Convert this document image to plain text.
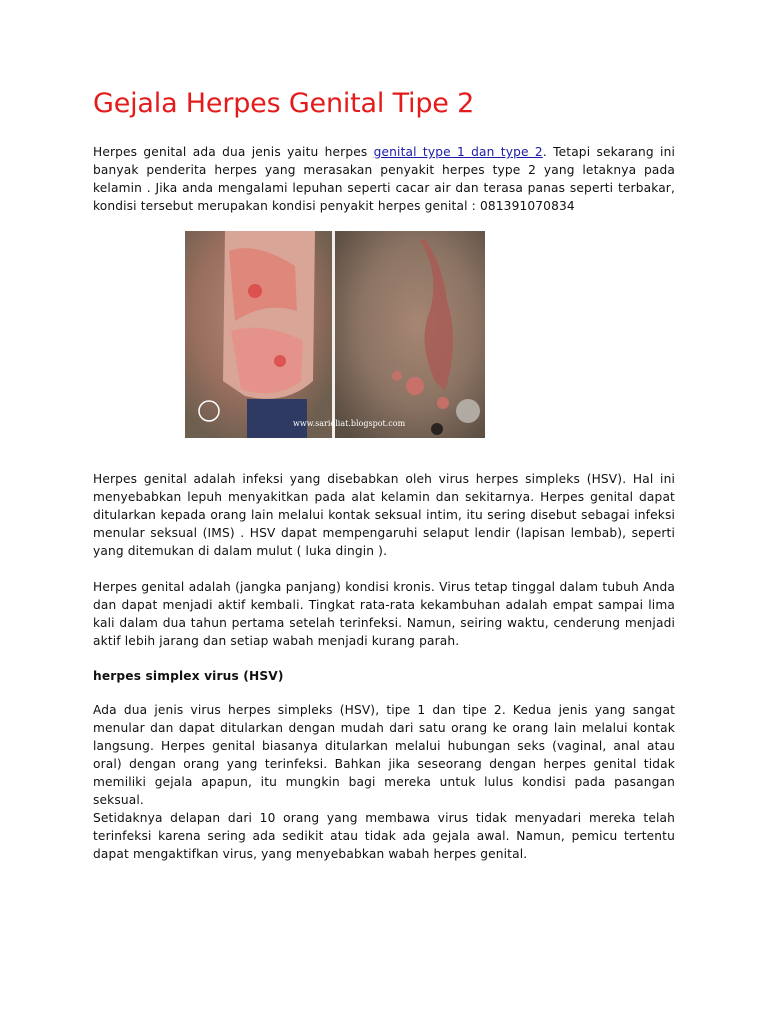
Gejala Herpes Genital Tipe 2

Herpes genital ada dua jenis yaitu herpes genital type 1 dan type 2. Tetapi sekarang ini banyak penderita herpes yang merasakan penyakit herpes type 2 yang letaknya pada kelamin . Jika anda mengalami lepuhan seperti cacar air dan terasa panas seperti terbakar, kondisi tersebut merupakan kondisi penyakit herpes genital : 081391070834

www.sarioliat.blogspot.com

Herpes genital adalah infeksi yang disebabkan oleh virus herpes simpleks (HSV). Hal ini menyebabkan lepuh menyakitkan pada alat kelamin dan sekitarnya. Herpes genital dapat ditularkan kepada orang lain melalui kontak seksual intim, itu sering disebut sebagai infeksi menular seksual (IMS) . HSV dapat mempengaruhi selaput lendir (lapisan lembab), seperti yang ditemukan di dalam mulut ( luka dingin ).

Herpes genital adalah (jangka panjang) kondisi kronis. Virus tetap tinggal dalam tubuh Anda dan dapat menjadi aktif kembali. Tingkat rata-rata kekambuhan adalah empat sampai lima kali dalam dua tahun pertama setelah terinfeksi. Namun, seiring waktu, cenderung menjadi aktif lebih jarang dan setiap wabah menjadi kurang parah.

herpes simplex virus (HSV)

Ada dua jenis virus herpes simpleks (HSV), tipe 1 dan tipe 2. Kedua jenis yang sangat menular dan dapat ditularkan dengan mudah dari satu orang ke orang lain melalui kontak langsung. Herpes genital biasanya ditularkan melalui hubungan seks (vaginal, anal atau oral) dengan orang yang terinfeksi. Bahkan jika seseorang dengan herpes genital tidak memiliki gejala apapun, itu mungkin bagi mereka untuk lulus kondisi pada pasangan seksual.

Setidaknya delapan dari 10 orang yang membawa virus tidak menyadari mereka telah terinfeksi karena sering ada sedikit atau tidak ada gejala awal. Namun, pemicu tertentu dapat mengaktifkan virus, yang menyebabkan wabah herpes genital.
